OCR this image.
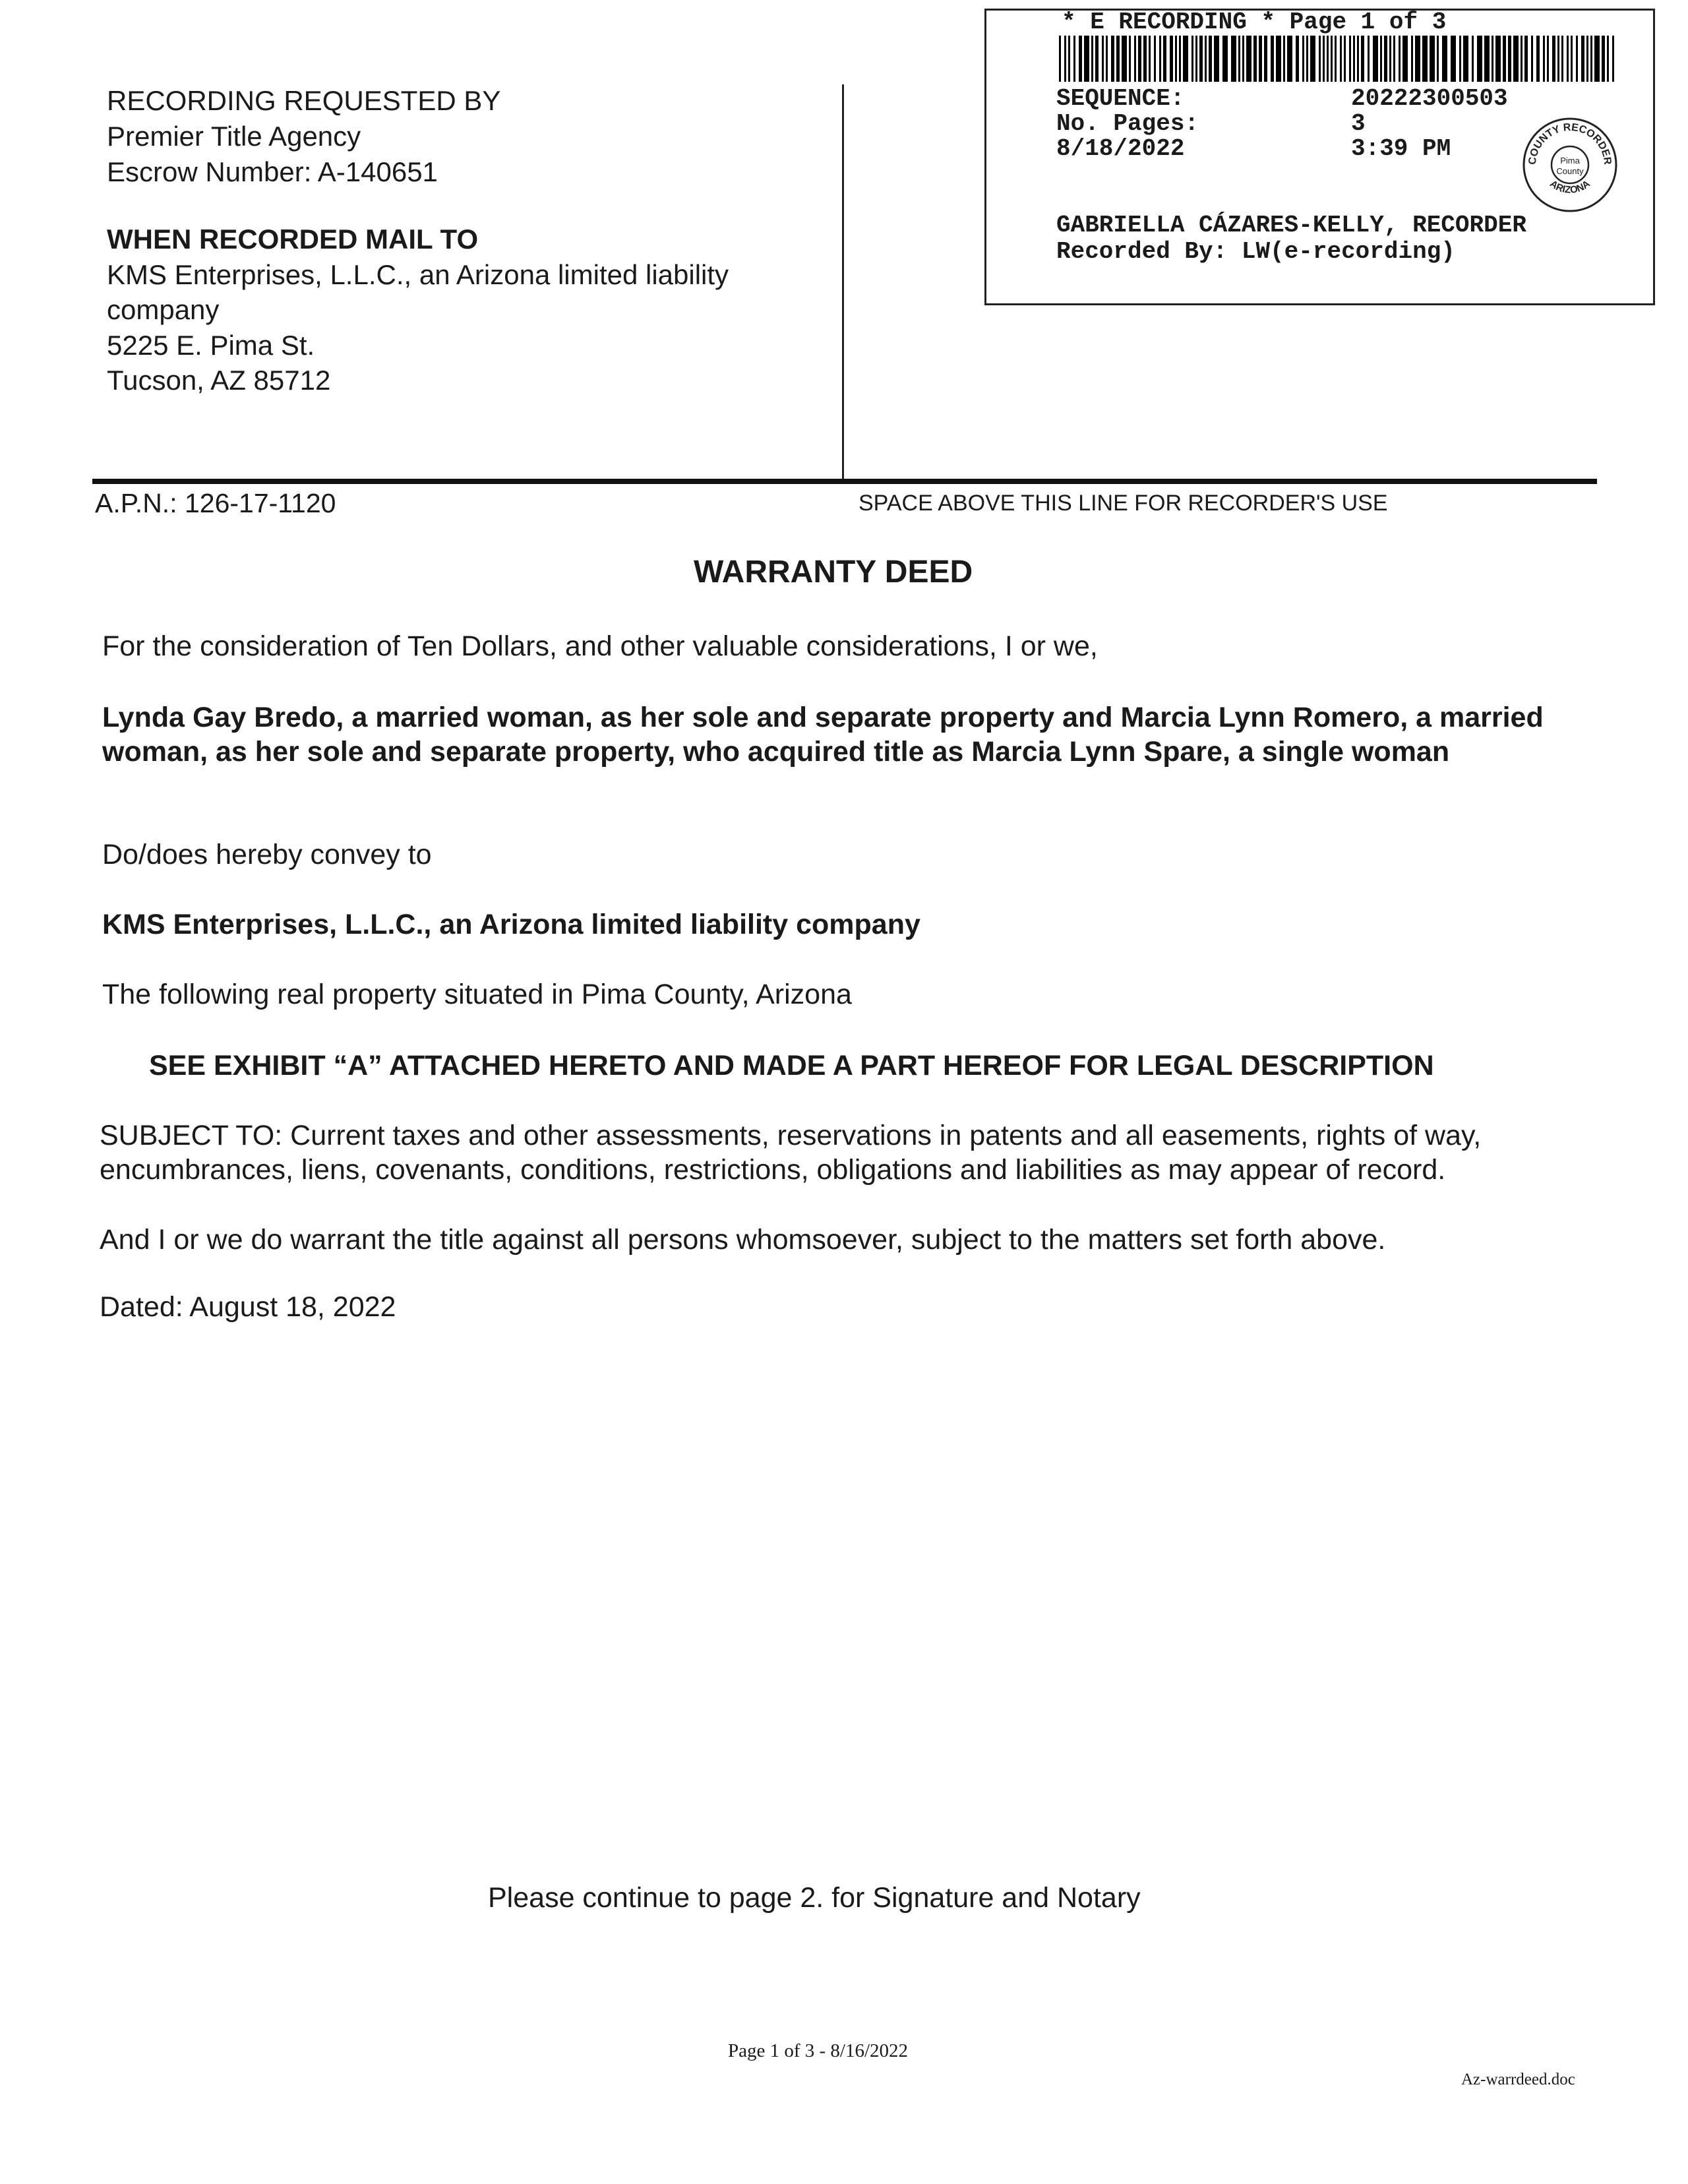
RECORDING REQUESTED BY
Premier Title Agency
Escrow Number: A-140651
WHEN RECORDED MAIL TO
KMS Enterprises, L.L.C., an Arizona limited liability
company
5225 E. Pima St.
Tucson, AZ 85712
* E RECORDING * Page 1 of 3
SEQUENCE:	20222300503
No. Pages:	3
8/18/2022	3:39 PM
GABRIELLA CÁZARES-KELLY, RECORDER
Recorded By: LW(e-recording)
COUNTY RECORDER
ARIZONA
Pima
County
A.P.N.: 126-17-1120	SPACE ABOVE THIS LINE FOR RECORDER'S USE
WARRANTY DEED
For the consideration of Ten Dollars, and other valuable considerations, I or we,
Lynda Gay Bredo, a married woman, as her sole and separate property and Marcia Lynn Romero, a married woman, as her sole and separate property, who acquired title as Marcia Lynn Spare, a single woman
Do/does hereby convey to
KMS Enterprises, L.L.C., an Arizona limited liability company
The following real property situated in Pima County, Arizona
SEE EXHIBIT “A” ATTACHED HERETO AND MADE A PART HEREOF FOR LEGAL DESCRIPTION
SUBJECT TO: Current taxes and other assessments, reservations in patents and all easements, rights of way, encumbrances, liens, covenants, conditions, restrictions, obligations and liabilities as may appear of record.
And I or we do warrant the title against all persons whomsoever, subject to the matters set forth above.
Dated: August 18, 2022
Please continue to page 2. for Signature and Notary
Page 1 of 3 - 8/16/2022
Az-warrdeed.doc
